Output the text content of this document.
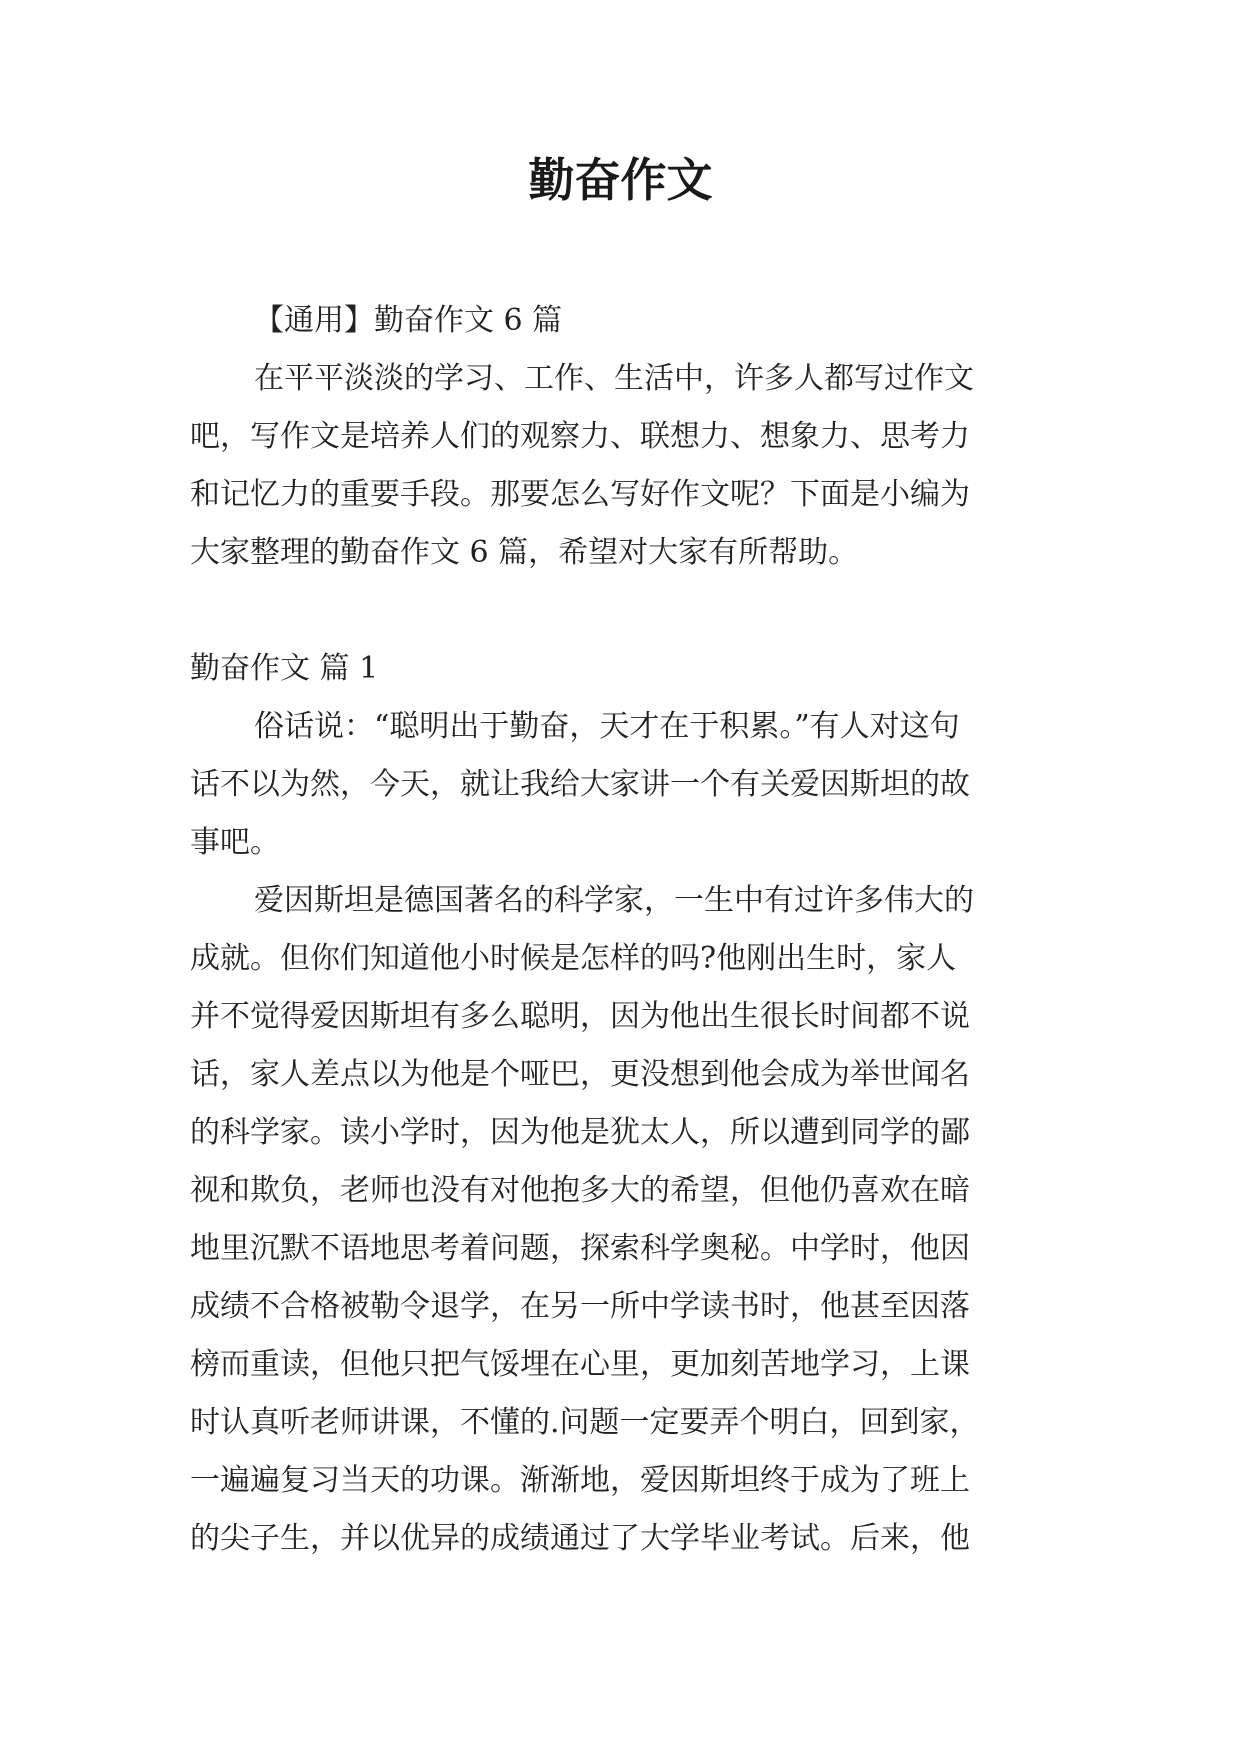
勤奋作文

【通用】勤奋作文 6 篇

在平平淡淡的学习、工作、生活中，许多人都写过作文

吧，写作文是培养人们的观察力、联想力、想象力、思考力

和记忆力的重要手段。那要怎么写好作文呢？下面是小编为

大家整理的勤奋作文 6 篇，希望对大家有所帮助。

勤奋作文 篇 1

俗话说：“聪明出于勤奋，天才在于积累。”有人对这句

话不以为然，今天，就让我给大家讲一个有关爱因斯坦的故

事吧。

爱因斯坦是德国著名的科学家，一生中有过许多伟大的

成就。但你们知道他小时候是怎样的吗?他刚出生时，家人

并不觉得爱因斯坦有多么聪明，因为他出生很长时间都不说

话，家人差点以为他是个哑巴，更没想到他会成为举世闻名

的科学家。读小学时，因为他是犹太人，所以遭到同学的鄙

视和欺负，老师也没有对他抱多大的希望，但他仍喜欢在暗

地里沉默不语地思考着问题，探索科学奥秘。中学时，他因

成绩不合格被勒令退学，在另一所中学读书时，他甚至因落

榜而重读，但他只把气馁埋在心里，更加刻苦地学习，上课

时认真听老师讲课，不懂的.问题一定要弄个明白，回到家，

一遍遍复习当天的功课。渐渐地，爱因斯坦终于成为了班上

的尖子生，并以优异的成绩通过了大学毕业考试。后来，他
